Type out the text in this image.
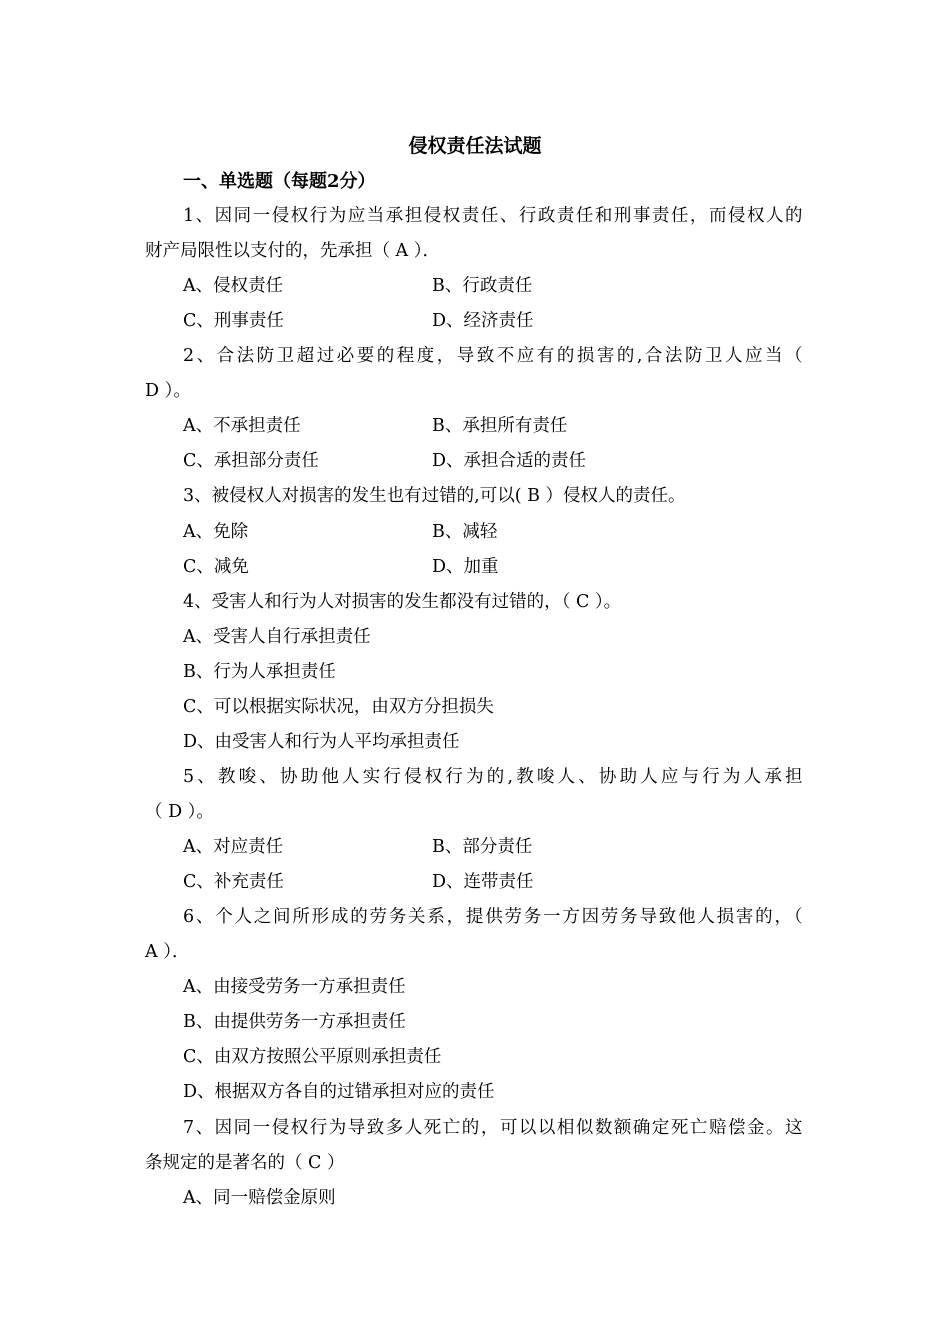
侵权责任法试题
一、单选题（每题2分）
1、因同一侵权行为应当承担侵权责任、行政责任和刑事责任，而侵权人的
财产局限性以支付的，先承担（ A ）．
A、侵权责任	B、行政责任
C、刑事责任	D、经济责任
2、合法防卫超过必要的程度，导致不应有的损害的,合法防卫人应当（
D ）。
A、不承担责任	B、承担所有责任
C、承担部分责任	D、承担合适的责任
3、被侵权人对损害的发生也有过错的,可以( B ）侵权人的责任。
A、免除	B、减轻
C、减免	D、加重
4、受害人和行为人对损害的发生都没有过错的，（ C ）。
A、受害人自行承担责任
B、行为人承担责任
C、可以根据实际状况，由双方分担损失
D、由受害人和行为人平均承担责任
5、教唆、协助他人实行侵权行为的,教唆人、协助人应与行为人承担
（ D ）。
A、对应责任	B、部分责任
C、补充责任	D、连带责任
6、个人之间所形成的劳务关系，提供劳务一方因劳务导致他人损害的，（
A ）．
A、由接受劳务一方承担责任
B、由提供劳务一方承担责任
C、由双方按照公平原则承担责任
D、根据双方各自的过错承担对应的责任
7、因同一侵权行为导致多人死亡的，可以以相似数额确定死亡赔偿金。这
条规定的是著名的（ C ）
A、同一赔偿金原则
